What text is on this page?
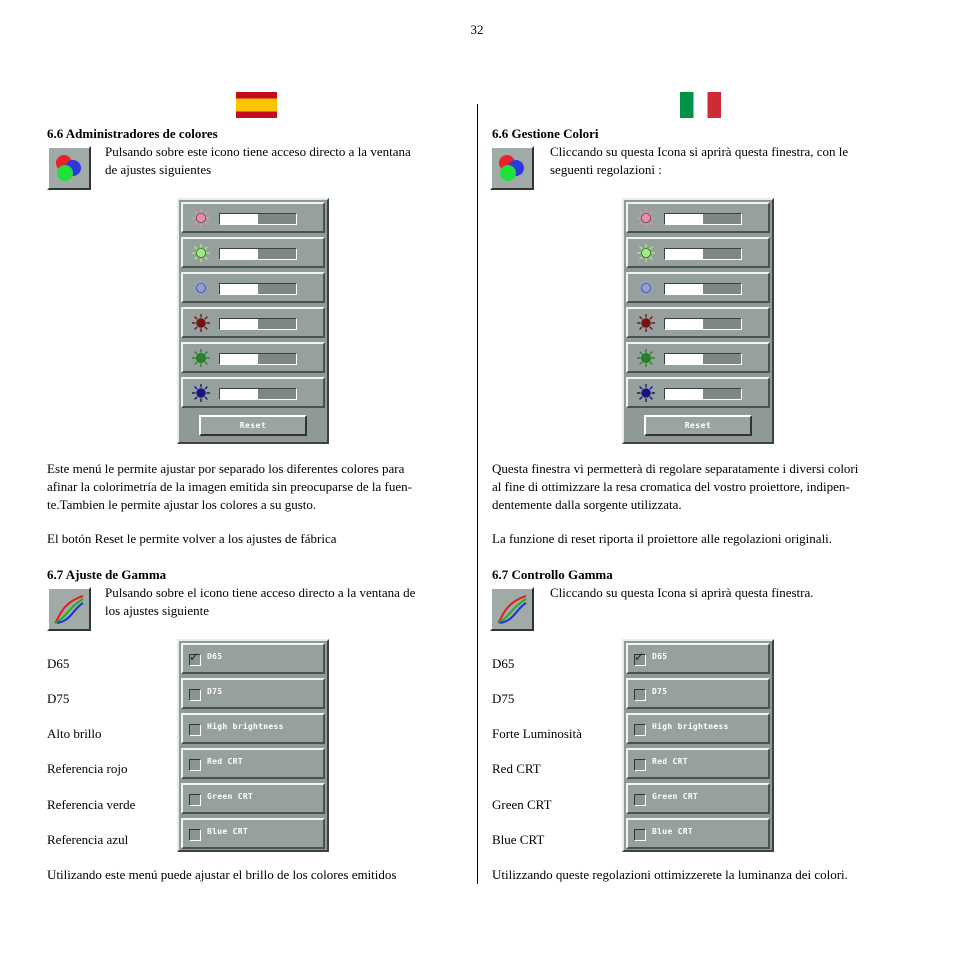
32

6.6 Administradores de colores

Pulsando sobre este icono tiene acceso directo a la ventana
de ajustes siguientes

Reset

Este menú le permite ajustar por separado los diferentes colores para
afinar la colorimetría de la imagen emitida sin preocuparse de la fuen-
te.Tambien le permite ajustar los colores a su gusto.

El botón Reset le permite volver a los ajustes de fábrica

6.7 Ajuste de Gamma

Pulsando sobre el icono tiene acceso directo a la ventana de
los ajustes siguiente

D65

D75

Alto brillo

Referencia rojo

Referencia verde

Referencia azul

✓ D65
D75
High brightness
Red CRT
Green CRT
Blue CRT

Utilizando este menú puede ajustar el brillo de los colores emitidos

6.6 Gestione Colori

Cliccando su questa Icona si aprirà questa finestra, con le
seguenti regolazioni :

Reset

Questa finestra vi permetterà di regolare separatamente i diversi colori
al fine di ottimizzare la resa cromatica del vostro proiettore, indipen-
dentemente dalla sorgente utilizzata.

La funzione di reset riporta il proiettore alle regolazioni originali.

6.7 Controllo Gamma

Cliccando su questa Icona si aprirà questa finestra.

D65

D75

Forte Luminosità

Red CRT

Green CRT

Blue CRT

✓ D65
D75
High brightness
Red CRT
Green CRT
Blue CRT

Utilizzando queste regolazioni ottimizzerete la luminanza dei colori.
